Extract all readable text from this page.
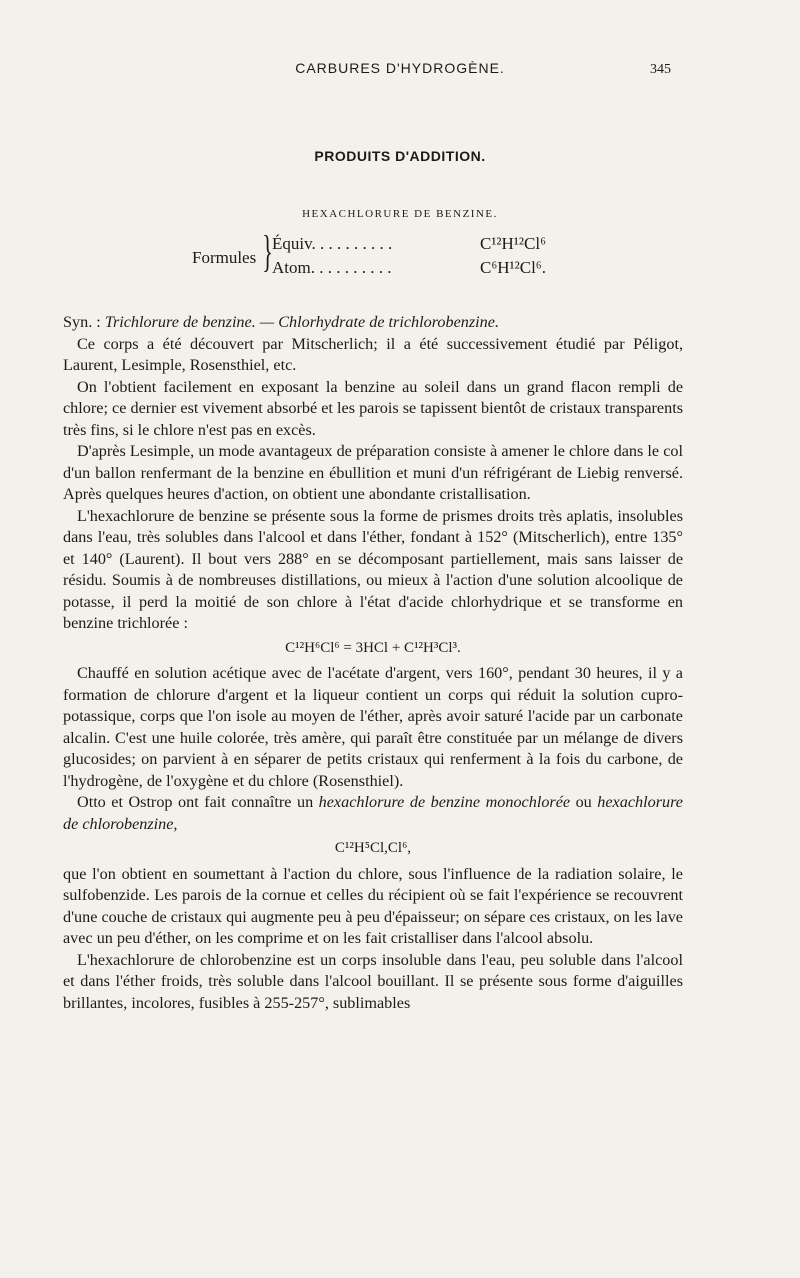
CARBURES D'HYDROGÈNE.	345
PRODUITS D'ADDITION.
HEXACHLORURE DE BENZINE.
Formules } Équiv. . . . . . . . . .	C¹²H¹²Cl⁶
Atom. . . . . . . . . .	C⁶H¹²Cl⁶.

Syn. : Trichlorure de benzine. — Chlorhydrate de trichlorobenzine.

Ce corps a été découvert par Mitscherlich; il a été successivement étudié par Péligot, Laurent, Lesimple, Rosensthiel, etc.

On l'obtient facilement en exposant la benzine au soleil dans un grand flacon rempli de chlore; ce dernier est vivement absorbé et les parois se tapissent bientôt de cristaux transparents très fins, si le chlore n'est pas en excès.

D'après Lesimple, un mode avantageux de préparation consiste à amener le chlore dans le col d'un ballon renfermant de la benzine en ébullition et muni d'un réfrigérant de Liebig renversé. Après quelques heures d'action, on obtient une abondante cristallisation.

L'hexachlorure de benzine se présente sous la forme de prismes droits très aplatis, insolubles dans l'eau, très solubles dans l'alcool et dans l'éther, fondant à 152° (Mitscherlich), entre 135° et 140° (Laurent). Il bout vers 288° en se décomposant partiellement, mais sans laisser de résidu. Soumis à de nombreuses distillations, ou mieux à l'action d'une solution alcoolique de potasse, il perd la moitié de son chlore à l'état d'acide chlorhydrique et se transforme en benzine trichlorée :

C¹²H⁶Cl⁶ = 3HCl + C¹²H³Cl³.

Chauffé en solution acétique avec de l'acétate d'argent, vers 160°, pendant 30 heures, il y a formation de chlorure d'argent et la liqueur contient un corps qui réduit la solution cupro-potassique, corps que l'on isole au moyen de l'éther, après avoir saturé l'acide par un carbonate alcalin. C'est une huile colorée, très amère, qui paraît être constituée par un mélange de divers glucosides; on parvient à en séparer de petits cristaux qui renferment à la fois du carbone, de l'hydrogène, de l'oxygène et du chlore (Rosensthiel).

Otto et Ostrop ont fait connaître un hexachlorure de benzine monochlorée ou hexachlorure de chlorobenzine,

C¹²H⁵Cl,Cl⁶,

que l'on obtient en soumettant à l'action du chlore, sous l'influence de la radiation solaire, le sulfobenzide. Les parois de la cornue et celles du récipient où se fait l'expérience se recouvrent d'une couche de cristaux qui augmente peu à peu d'épaisseur; on sépare ces cristaux, on les lave avec un peu d'éther, on les comprime et on les fait cristalliser dans l'alcool absolu.

L'hexachlorure de chlorobenzine est un corps insoluble dans l'eau, peu soluble dans l'alcool et dans l'éther froids, très soluble dans l'alcool bouillant. Il se présente sous forme d'aiguilles brillantes, incolores, fusibles à 255-257°, sublimables
